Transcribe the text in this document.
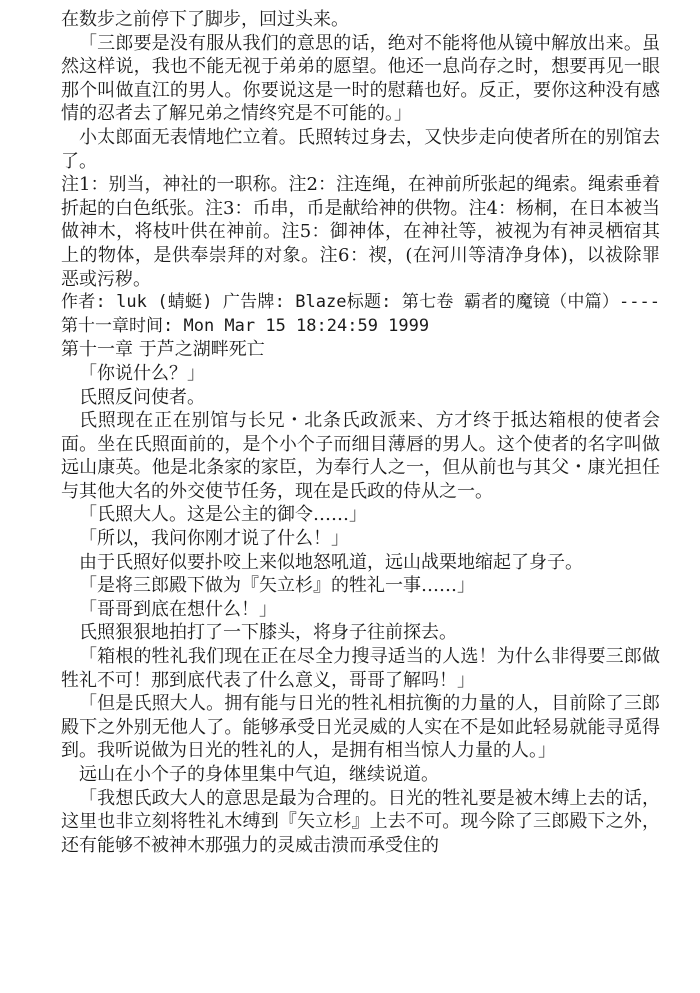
在数步之前停下了脚步，回过头来。

「三郎要是没有服从我们的意思的话，绝对不能将他从镜中解放出来。虽然这样说，我也不能无视于弟弟的愿望。他还一息尚存之时，想要再见一眼那个叫做直江的男人。你要说这是一时的慰藉也好。反正，要你这种没有感情的忍者去了解兄弟之情终究是不可能的。」

小太郎面无表情地伫立着。氏照转过身去，又快步走向使者所在的别馆去了。

注1：别当，神社的一职称。注2：注连绳，在神前所张起的绳索。绳索垂着折起的白色纸张。注3：币串，币是献给神的供物。注4：杨桐，在日本被当做神木，将枝叶供在神前。注5：御神体，在神社等，被视为有神灵栖宿其上的物体，是供奉崇拜的对象。注6：禊，(在河川等清净身体)，以祓除罪恶或污秽。

作者: luk (蜻蜓) 广告牌: Blaze标题: 第七卷 霸者的魔镜（中篇）----第十一章时间: Mon Mar 15 18:24:59 1999

第十一章 于芦之湖畔死亡

「你说什么？」

氏照反问使者。

氏照现在正在别馆与长兄・北条氏政派来、方才终于抵达箱根的使者会面。坐在氏照面前的，是个小个子而细目薄唇的男人。这个使者的名字叫做远山康英。他是北条家的家臣，为奉行人之一，但从前也与其父・康光担任与其他大名的外交使节任务，现在是氏政的侍从之一。

「氏照大人。这是公主的御令……」

「所以，我问你刚才说了什么！」

由于氏照好似要扑咬上来似地怒吼道，远山战栗地缩起了身子。

「是将三郎殿下做为『矢立杉』的牲礼一事……」

「哥哥到底在想什么！」

氏照狠狠地拍打了一下膝头，将身子往前探去。

「箱根的牲礼我们现在正在尽全力搜寻适当的人选！为什么非得要三郎做牲礼不可！那到底代表了什么意义，哥哥了解吗！」

「但是氏照大人。拥有能与日光的牲礼相抗衡的力量的人，目前除了三郎殿下之外别无他人了。能够承受日光灵威的人实在不是如此轻易就能寻觅得到。我听说做为日光的牲礼的人，是拥有相当惊人力量的人。」

远山在小个子的身体里集中气迫，继续说道。

「我想氏政大人的意思是最为合理的。日光的牲礼要是被木缚上去的话，这里也非立刻将牲礼木缚到『矢立杉』上去不可。现今除了三郎殿下之外，还有能够不被神木那强力的灵威击溃而承受住的
